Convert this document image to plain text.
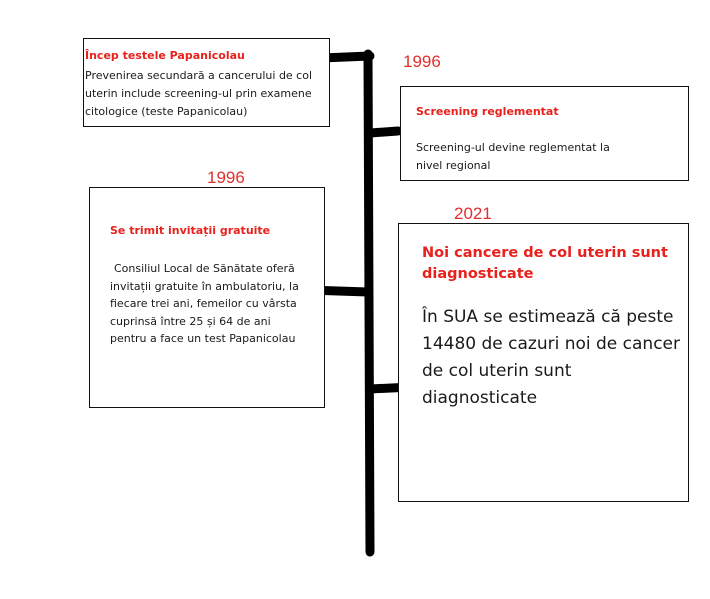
Încep testele Papanicolau
Prevenirea secundară a cancerului de col uterin include screening-ul prin examene citologice (teste Papanicolau)
1996
Screening reglementat
Screening-ul devine reglementat la nivel regional
1996
Se trimit invitații gratuite
Consiliul Local de Sănătate oferă invitații gratuite în ambulatoriu, la fiecare trei ani, femeilor cu vârsta cuprinsă între 25 și 64 de ani pentru a face un test Papanicolau
2021
Noi cancere de col uterin sunt diagnosticate
În SUA se estimează că peste 14480 de cazuri noi de cancer de col uterin sunt diagnosticate
